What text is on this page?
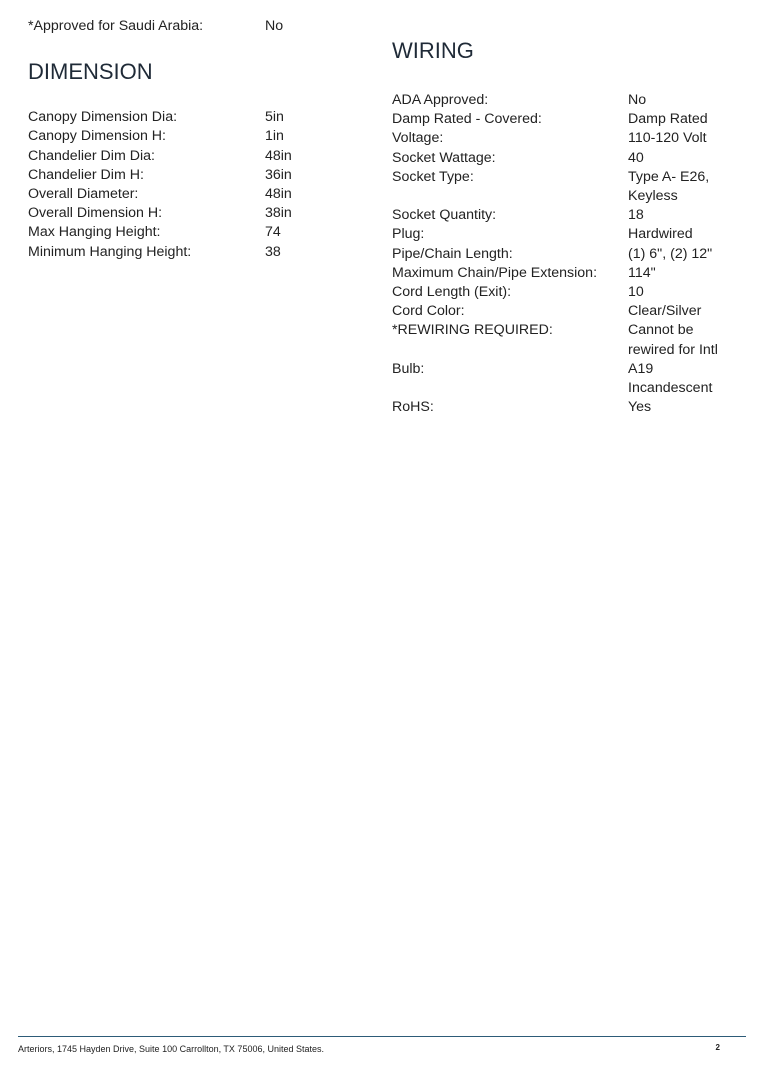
*Approved for Saudi Arabia:	No
DIMENSION
Canopy Dimension Dia:	5in
Canopy Dimension H:	1in
Chandelier Dim Dia:	48in
Chandelier Dim H:	36in
Overall Diameter:	48in
Overall Dimension H:	38in
Max Hanging Height:	74
Minimum Hanging Height:	38
WIRING
ADA Approved:	No
Damp Rated - Covered:	Damp Rated
Voltage:	110-120 Volt
Socket Wattage:	40
Socket Type:	Type A- E26,
Keyless
Socket Quantity:	18
Plug:	Hardwired
Pipe/Chain Length:	(1) 6", (2) 12"
Maximum Chain/Pipe Extension:	114"
Cord Length (Exit):	10
Cord Color:	Clear/Silver
*REWIRING REQUIRED:	Cannot be
rewired for Intl
Bulb:	A19
Incandescent
RoHS:	Yes
Arteriors, 1745 Hayden Drive, Suite 100 Carrollton, TX 75006, United States.	2
